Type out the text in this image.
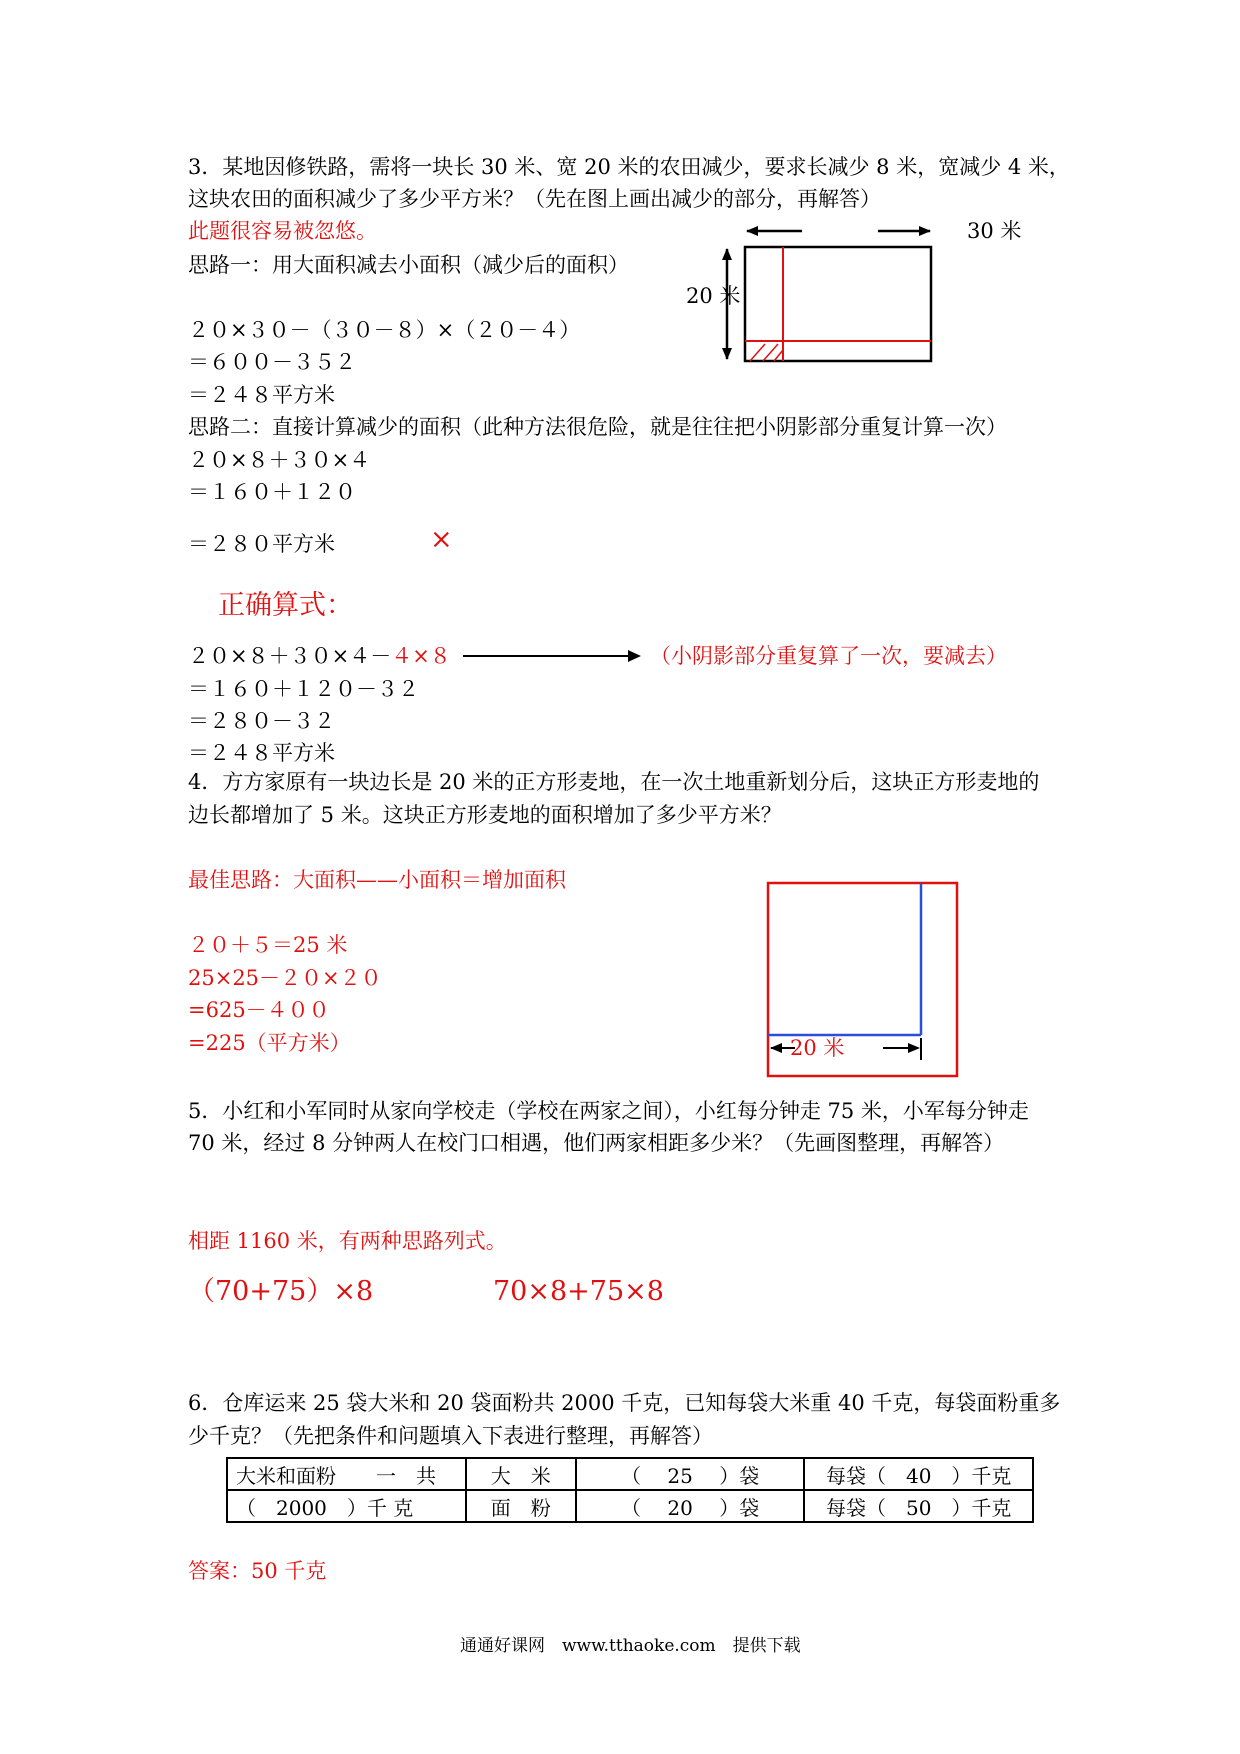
3．某地因修铁路，需将一块长 30 米、宽 20 米的农田减少，要求长减少 8 米，宽减少 4 米，
这块农田的面积减少了多少平方米？（先在图上画出减少的部分，再解答）
此题很容易被忽悠。
思路一：用大面积减去小面积（减少后的面积）
２０×３０－（３０－８）×（２０－４）
＝６００－３５２
＝２４８平方米
思路二：直接计算减少的面积（此种方法很危险，就是往往把小阴影部分重复计算一次）
２０×８＋３０×４
＝１６０＋１２０
＝２８０平方米	×
正确算式：
２０×８＋３０×４－４×８	（小阴影部分重复算了一次，要减去）
＝１６０＋１２０－３２
＝２８０－３２
＝２４８平方米
30 米
20 米
4．方方家原有一块边长是 20 米的正方形麦地，在一次土地重新划分后，这块正方形麦地的
边长都增加了 5 米。这块正方形麦地的面积增加了多少平方米？
最佳思路：大面积——小面积＝增加面积
２０＋５＝25 米
25×25－２０×２０
=625－４００
=225（平方米）	20 米
5．小红和小军同时从家向学校走（学校在两家之间），小红每分钟走 75 米，小军每分钟走
70 米，经过 8 分钟两人在校门口相遇，他们两家相距多少米？（先画图整理，再解答）
相距 1160 米，有两种思路列式。
（70+75）×8	70×8+75×8
6．仓库运来 25 袋大米和 20 袋面粉共 2000 千克，已知每袋大米重 40 千克，每袋面粉重多
少千克？（先把条件和问题填入下表进行整理，再解答）
大米和面粉　　一　共	大　米	（　 25　 ）袋	每袋（　40　）千克
（　2000　）千 克	面　粉	（　 20　 ）袋	每袋（　50　）千克
答案：50 千克
通通好课网　www.tthaoke.com　提供下载
